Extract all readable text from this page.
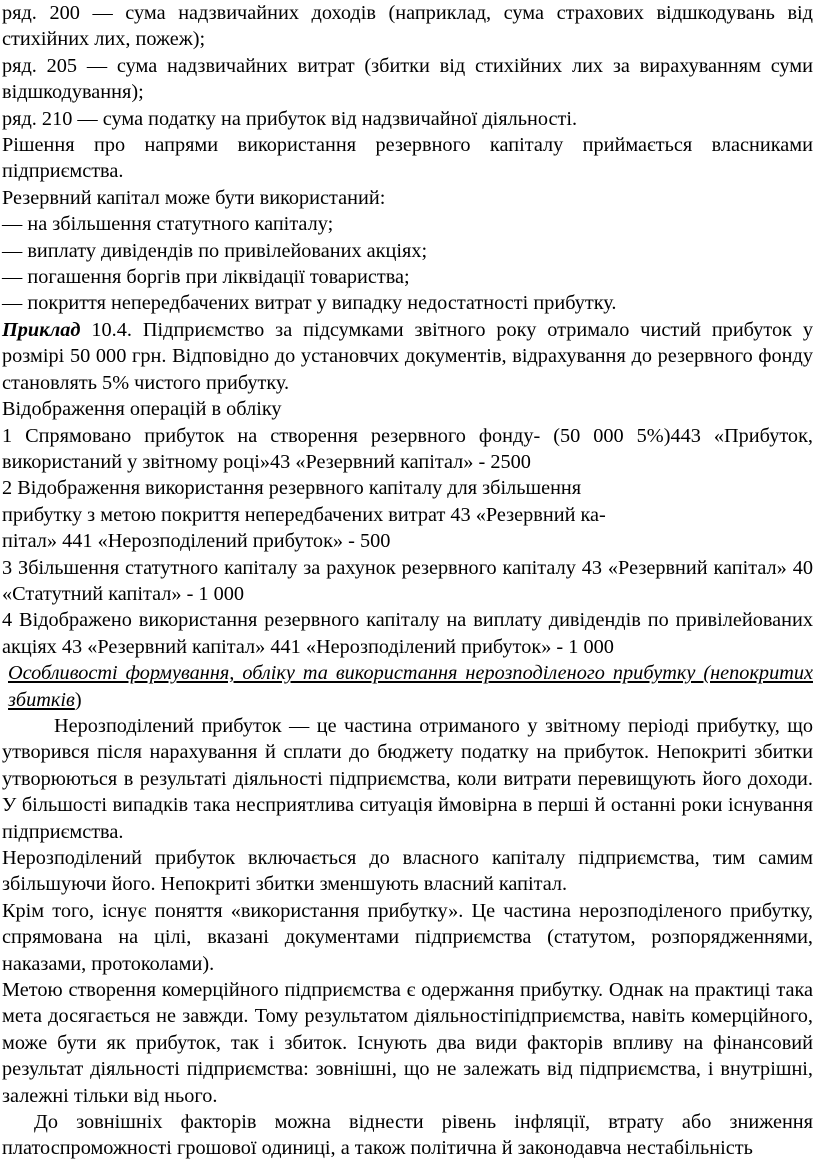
ряд. 200 — сума надзвичайних доходів (наприклад, сума страхових відшкодувань від стихійних лих, пожеж);

ряд. 205 — сума надзвичайних витрат (збитки від стихійних лих за вирахуванням суми відшкодування);

ряд. 210 — сума податку на прибуток від надзвичайної діяльності.

Рішення про напрями використання резервного капіталу приймається власниками підприємства.

Резервний капітал може бути використаний:

— на збільшення статутного капіталу;

— виплату дивідендів по привілейованих акціях;

— погашення боргів при ліквідації товариства;

— покриття непередбачених витрат у випадку недостатності прибутку.

Приклад 10.4. Підприємство за підсумками звітного року отримало чистий прибуток у розмірі 50 000 грн. Відповідно до установчих документів, відрахування до резервного фонду становлять 5% чистого прибутку.

Відображення операцій в обліку

1 Спрямовано прибуток на створення резервного фонду- (50 000 5%)443 «Прибуток, використаний у звітному році»43 «Резервний капітал» - 2500

2 Відображення використання резервного капіталу для збільшення

прибутку з метою покриття непередбачених витрат 43 «Резервний ка-

пітал» 441 «Нерозподілений прибуток» - 500

3 Збільшення статутного капіталу за рахунок резервного капіталу 43 «Резервний капітал» 40 «Статутний капітал» - 1 000

4 Відображено використання резервного капіталу на виплату дивідендів по привілейованих акціях 43 «Резервний капітал» 441 «Нерозподілений прибуток» - 1 000

Особливості формування, обліку та використання нерозподіленого прибутку (непокритих збитків)

Нерозподілений прибуток — це частина отриманого у звітному періоді прибутку, що утворився після нарахування й сплати до бюджету податку на прибуток. Непокриті збитки утворюються в результаті діяльності підприємства, коли витрати перевищують його доходи. У більшості випадків така несприятлива ситуація ймовірна в перші й останні роки існування підприємства.

Нерозподілений прибуток включається до власного капіталу підприємства, тим самим збільшуючи його. Непокриті збитки зменшують власний капітал.

Крім того, існує поняття «використання прибутку». Це частина нерозподіленого прибутку, спрямована на цілі, вказані документами підприємства (статутом, розпорядженнями, наказами, протоколами).

Метою створення комерційного підприємства є одержання прибутку. Однак на практиці така мета досягається не завжди. Тому результатом діяльностіпідприємства, навіть комерційного, може бути як прибуток, так і збиток. Існують два види факторів впливу на фінансовий результат діяльності підприємства: зовнішні, що не залежать від підприємства, і внутрішні, залежні тільки від нього.

До зовнішніх факторів можна віднести рівень інфляції, втрату або зниження платоспроможності грошової одиниці, а також політична й законодавча нестабільність
